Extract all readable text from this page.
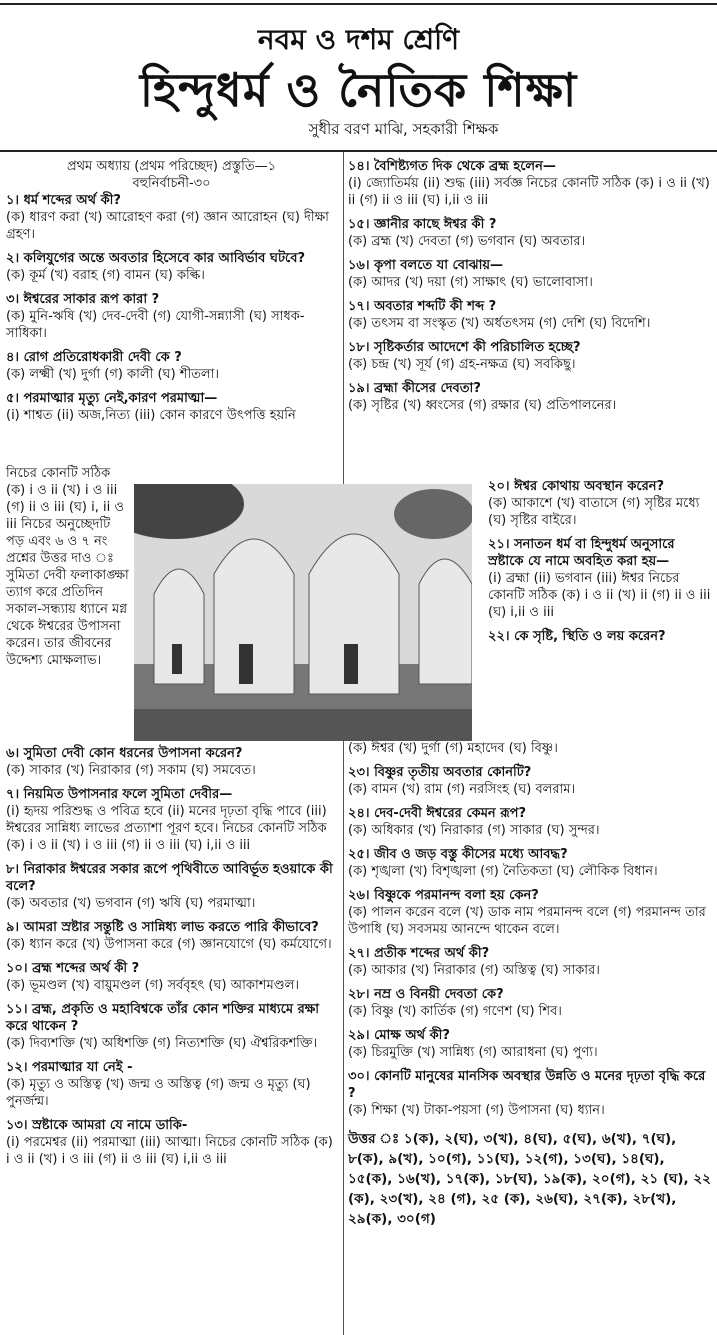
নবম ও দশম শ্রেণি
হিন্দুধর্ম ও নৈতিক শিক্ষা
সুধীর বরণ মাঝি, সহকারী শিক্ষক
প্রথম অধ্যায় (প্রথম পরিচ্ছেদ) প্রস্তুতি—১
বহুনির্বাচনী-৩০
১। ধর্ম শব্দের অর্থ কী?
(ক) ধারণ করা (খ) আরোহণ করা (গ) জ্ঞান আরোহন (ঘ) দীক্ষা গ্রহণ।
২। কলিযুগের অন্তে অবতার হিসেবে কার আবির্ভাব ঘটবে?
(ক) কূর্ম (খ) বরাহ (গ) বামন (ঘ) কল্কি।
৩। ঈশ্বরের সাকার রূপ কারা ?
(ক) মুনি-ঋষি (খ) দেব-দেবী (গ) যোগী-সন্ন্যাসী (ঘ) সাধক-সাধিকা।
৪। রোগ প্রতিরোধকারী দেবী কে ?
(ক) লক্ষ্মী (খ) দুর্গা (গ) কালী (ঘ) শীতলা।
৫। পরমাত্মার মৃত্যু নেই,কারণ পরমাত্মা—
(i) শাশ্বত (ii) অজ,নিত্য (iii) কোন কারণে উৎপত্তি হয়নি
নিচের কোনটি সঠিক (ক) i ও ii (খ) i ও iii (গ) ii ও iii (ঘ) i, ii ও iii নিচের অনুচ্ছেদটি পড় এবং ৬ ও ৭ নং প্রশ্নের উত্তর দাও ঃ সুমিতা দেবী ফলাকাঙ্ক্ষা ত্যাগ করে প্রতিদিন সকাল-সন্ধ্যায় ধ্যানে মগ্ন থেকে ঈশ্বরের উপাসনা করেন। তার জীবনের উদ্দেশ্য মোক্ষলাভ।
১৪। বৈশিষ্ট্যগত দিক থেকে ব্রহ্ম হলেন—
(i) জ্যোতির্ময় (ii) শুদ্ধ (iii) সর্বজ্ঞ নিচের কোনটি সঠিক (ক) i ও ii (খ) ii (গ) ii ও iii (ঘ) i,ii ও iii
১৫। জ্ঞানীর কাছে ঈশ্বর কী ?
(ক) ব্রহ্ম (খ) দেবতা (গ) ভগবান (ঘ) অবতার।
১৬। কৃপা বলতে যা বোঝায়—
(ক) আদর (খ) দয়া (গ) সাক্ষাৎ (ঘ) ভালোবাসা।
১৭। অবতার শব্দটি কী শব্দ ?
(ক) তৎসম বা সংস্কৃত (খ) অর্ধতৎসম (গ) দেশি (ঘ) বিদেশি।
১৮। সৃষ্টিকর্তার আদেশে কী পরিচালিত হচ্ছে?
(ক) চন্দ্র (খ) সূর্য (গ) গ্রহ-নক্ষত্র (ঘ) সবকিছু।
১৯। ব্রহ্মা কীসের দেবতা?
(ক) সৃষ্টির (খ) ধ্বংসের (গ) রক্ষার (ঘ) প্রতিপালনের।
২০। ঈশ্বর কোথায় অবস্থান করেন?
(ক) আকাশে (খ) বাতাসে (গ) সৃষ্টির মধ্যে (ঘ) সৃষ্টির বাইরে।
২১। সনাতন ধর্ম বা হিন্দুধর্ম অনুসারে স্রষ্টাকে যে নামে অবহিত করা হয়—
(i) ব্রহ্মা (ii) ভগবান (iii) ঈশ্বর নিচের কোনটি সঠিক (ক) i ও ii (খ) ii (গ) ii ও iii (ঘ) i,ii ও iii
২২। কে সৃষ্টি, স্থিতি ও লয় করেন?
৬। সুমিতা দেবী কোন ধরনের উপাসনা করেন?
(ক) সাকার (খ) নিরাকার (গ) সকাম (ঘ) সমবেত।
৭। নিয়মিত উপাসনার ফলে সুমিতা দেবীর—
(i) হৃদয় পরিশুদ্ধ ও পবিত্র হবে (ii) মনের দৃঢ়তা বৃদ্ধি পাবে (iii) ঈশ্বরের সান্নিধ্য লাভের প্রত্যাশা পূরণ হবে। নিচের কোনটি সঠিক (ক) i ও ii (খ) i ও iii (গ) ii ও iii (ঘ) i,ii ও iii
৮। নিরাকার ঈশ্বরের সকার রূপে পৃথিবীতে আবির্ভূত হওয়াকে কী বলে?
(ক) অবতার (খ) ভগবান (গ) ঋষি (ঘ) পরমাত্মা।
৯। আমরা স্রষ্টার সন্তুষ্টি ও সান্নিধ্য লাভ করতে পারি কীভাবে?
(ক) ধ্যান করে (খ) উপাসনা করে (গ) জ্ঞানযোগে (ঘ) কর্মযোগে।
১০। ব্রহ্ম শব্দের অর্থ কী ?
(ক) ভূমণ্ডল (খ) বায়ুমণ্ডল (গ) সর্ববৃহৎ (ঘ) আকাশমণ্ডল।
১১। ব্রহ্ম, প্রকৃতি ও মহাবিশ্বকে তাঁর কোন শক্তির মাধ্যমে রক্ষা করে থাকেন ?
(ক) দিব্যশক্তি (খ) অধিশক্তি (গ) নিত্যশক্তি (ঘ) ঐশ্বরিকশক্তি।
১২। পরমাত্মার যা নেই -
(ক) মৃত্যু ও অস্তিত্ব (খ) জন্ম ও অস্তিত্ব (গ) জন্ম ও মৃত্যু (ঘ) পুনর্জন্ম।
১৩। স্রষ্টাকে আমরা যে নামে ডাকি-
(i) পরমেশ্বর (ii) পরমাত্মা (iii) আত্মা। নিচের কোনটি সঠিক (ক) i ও ii (খ) i ও iii (গ) ii ও iii (ঘ) i,ii ও iii
(ক) ঈশ্বর (খ) দুর্গা (গ) মহাদেব (ঘ) বিষ্ণু।
২৩। বিষ্ণুর তৃতীয় অবতার কোনটি?
(ক) বামন (খ) রাম (গ) নরসিংহ (ঘ) বলরাম।
২৪। দেব-দেবী ঈশ্বরের কেমন রূপ?
(ক) অধিকার (খ) নিরাকার (গ) সাকার (ঘ) সুন্দর।
২৫। জীব ও জড় বস্তু কীসের মধ্যে আবদ্ধ?
(ক) শৃঙ্খলা (খ) বিশৃঙ্খলা (গ) নৈতিকতা (ঘ) লৌকিক বিধান।
২৬। বিষ্ণুকে পরমানন্দ বলা হয় কেন?
(ক) পালন করেন বলে (খ) ডাক নাম পরমানন্দ বলে (গ) পরমানন্দ তার উপাধি (ঘ) সবসময় আনন্দে থাকেন বলে।
২৭। প্রতীক শব্দের অর্থ কী?
(ক) আকার (খ) নিরাকার (গ) অস্তিত্ব (ঘ) সাকার।
২৮। নম্র ও বিনয়ী দেবতা কে?
(ক) বিষ্ণু (খ) কার্তিক (গ) গণেশ (ঘ) শিব।
২৯। মোক্ষ অর্থ কী?
(ক) চিরমুক্তি (খ) সান্নিধ্য (গ) আরাধনা (ঘ) পুণ্য।
৩০। কোনটি মানুষের মানসিক অবস্থার উন্নতি ও মনের দৃঢ়তা বৃদ্ধি করে ?
(ক) শিক্ষা (খ) টাকা-পয়সা (গ) উপাসনা (ঘ) ধ্যান।
উত্তর ঃ ১(ক), ২(ঘ), ৩(খ), ৪(ঘ), ৫(ঘ), ৬(খ), ৭(ঘ), ৮(ক), ৯(খ), ১০(গ), ১১(ঘ), ১২(গ), ১৩(ঘ), ১৪(ঘ), ১৫(ক), ১৬(খ), ১৭(ক), ১৮(ঘ), ১৯(ক), ২০(গ), ২১ (ঘ), ২২ (ক), ২৩(খ), ২৪ (গ), ২৫ (ক), ২৬(ঘ), ২৭(ক), ২৮(খ), ২৯(ক), ৩০(গ)
